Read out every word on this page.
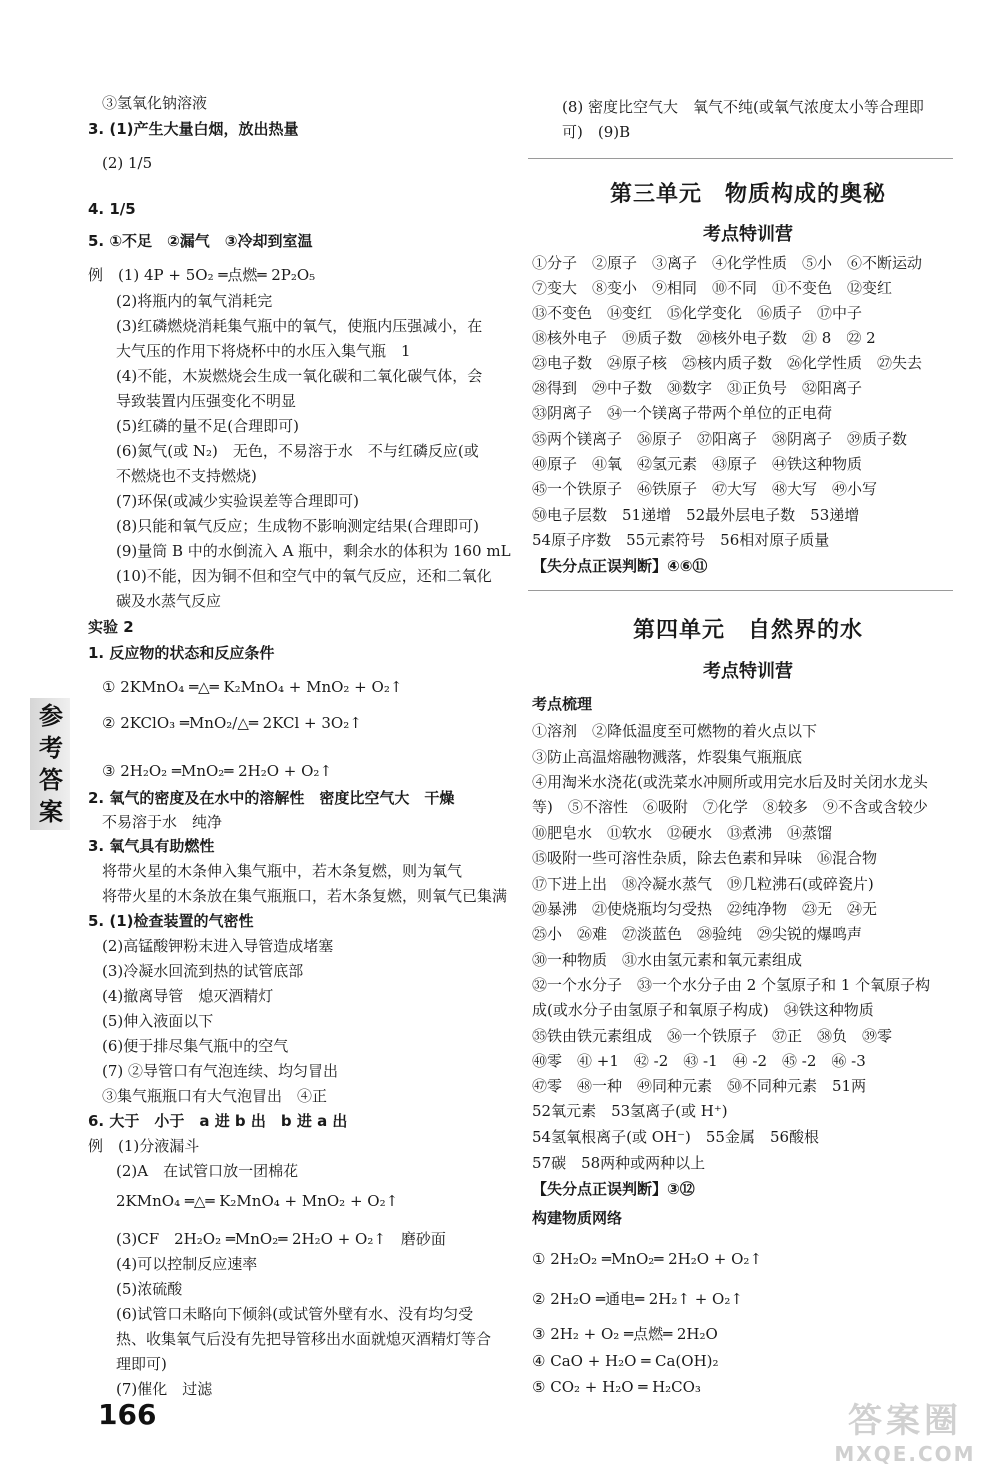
③氢氧化钠溶液
3. (1)产生大量白烟，放出热量
(2) 1/5
4. 1/5
5. ①不足　②漏气　③冷却到室温
例　(1) 4P + 5O₂ ═点燃═ 2P₂O₅
(2)将瓶内的氧气消耗完
(3)红磷燃烧消耗集气瓶中的氧气，使瓶内压强减小，在
大气压的作用下将烧杯中的水压入集气瓶　1
(4)不能，木炭燃烧会生成一氧化碳和二氧化碳气体，会
导致装置内压强变化不明显
(5)红磷的量不足(合理即可)
(6)氮气(或 N₂)　无色，不易溶于水　不与红磷反应(或
不燃烧也不支持燃烧)
(7)环保(或减少实验误差等合理即可)
(8)只能和氧气反应；生成物不影响测定结果(合理即可)
(9)量筒 B 中的水倒流入 A 瓶中，剩余水的体积为 160 mL
(10)不能，因为铜不但和空气中的氧气反应，还和二氧化
碳及水蒸气反应
实验 2
1. 反应物的状态和反应条件
① 2KMnO₄ ═△═ K₂MnO₄ + MnO₂ + O₂↑
② 2KClO₃ ═MnO₂/△═ 2KCl + 3O₂↑
③ 2H₂O₂ ═MnO₂═ 2H₂O + O₂↑
2. 氧气的密度及在水中的溶解性　密度比空气大　干燥
不易溶于水　纯净
3. 氧气具有助燃性
将带火星的木条伸入集气瓶中，若木条复燃，则为氧气
将带火星的木条放在集气瓶瓶口，若木条复燃，则氧气已集满
5. (1)检查装置的气密性
(2)高锰酸钾粉末进入导管造成堵塞
(3)冷凝水回流到热的试管底部
(4)撤离导管　熄灭酒精灯
(5)伸入液面以下
(6)便于排尽集气瓶中的空气
(7) ②导管口有气泡连续、均匀冒出
③集气瓶瓶口有大气泡冒出　④正
6. 大于　小于　a 进 b 出　b 进 a 出
例　(1)分液漏斗
(2)A　在试管口放一团棉花
2KMnO₄ ═△═ K₂MnO₄ + MnO₂ + O₂↑
(3)CF　2H₂O₂ ═MnO₂═ 2H₂O + O₂↑　磨砂面
(4)可以控制反应速率
(5)浓硫酸
(6)试管口未略向下倾斜(或试管外壁有水、没有均匀受
热、收集氧气后没有先把导管移出水面就熄灭酒精灯等合
理即可)
(7)催化　过滤
(8) 密度比空气大　氧气不纯(或氧气浓度太小等合理即
可)　(9)B
第三单元　物质构成的奥秘
考点特训营
①分子　②原子　③离子　④化学性质　⑤小　⑥不断运动
⑦变大　⑧变小　⑨相同　⑩不同　⑪不变色　⑫变红
⑬不变色　⑭变红　⑮化学变化　⑯质子　⑰中子
⑱核外电子　⑲质子数　⑳核外电子数　㉑ 8　㉒ 2
㉓电子数　㉔原子核　㉕核内质子数　㉖化学性质　㉗失去
㉘得到　㉙中子数　㉚数字　㉛正负号　㉜阳离子
㉝阴离子　㉞一个镁离子带两个单位的正电荷
㉟两个镁离子　㊱原子　㊲阳离子　㊳阴离子　㊴质子数
㊵原子　㊶氧　㊷氢元素　㊸原子　㊹铁这种物质
㊺一个铁原子　㊻铁原子　㊼大写　㊽大写　㊾小写
㊿电子层数　51递增　52最外层电子数　53递增
54原子序数　55元素符号　56相对原子质量
【失分点正误判断】④⑥⑪
第四单元　自然界的水
考点特训营
考点梳理
①溶剂　②降低温度至可燃物的着火点以下
③防止高温熔融物溅落，炸裂集气瓶瓶底
④用淘米水浇花(或洗菜水冲厕所或用完水后及时关闭水龙头
等)　⑤不溶性　⑥吸附　⑦化学　⑧较多　⑨不含或含较少
⑩肥皂水　⑪软水　⑫硬水　⑬煮沸　⑭蒸馏
⑮吸附一些可溶性杂质，除去色素和异味　⑯混合物
⑰下进上出　⑱冷凝水蒸气　⑲几粒沸石(或碎瓷片)
⑳暴沸　㉑使烧瓶均匀受热　㉒纯净物　㉓无　㉔无
㉕小　㉖难　㉗淡蓝色　㉘验纯　㉙尖锐的爆鸣声
㉚一种物质　㉛水由氢元素和氧元素组成
㉜一个水分子　㉝一个水分子由 2 个氢原子和 1 个氧原子构
成(或水分子由氢原子和氧原子构成)　㉞铁这种物质
㉟铁由铁元素组成　㊱一个铁原子　㊲正　㊳负　㊴零
㊵零　㊶ +1　㊷ -2　㊸ -1　㊹ -2　㊺ -2　㊻ -3
㊼零　㊽一种　㊾同种元素　㊿不同种元素　51两
52氧元素　53氢离子(或 H⁺)
54氢氧根离子(或 OH⁻)　55金属　56酸根
57碳　58两种或两种以上
【失分点正误判断】③⑫
构建物质网络
① 2H₂O₂ ═MnO₂═ 2H₂O + O₂↑
② 2H₂O ═通电═ 2H₂↑ + O₂↑
③ 2H₂ + O₂ ═点燃═ 2H₂O
④ CaO + H₂O ═ Ca(OH)₂
⑤ CO₂ + H₂O ═ H₂CO₃
参
考
答
案
166	答案圈
MXQE.COM
